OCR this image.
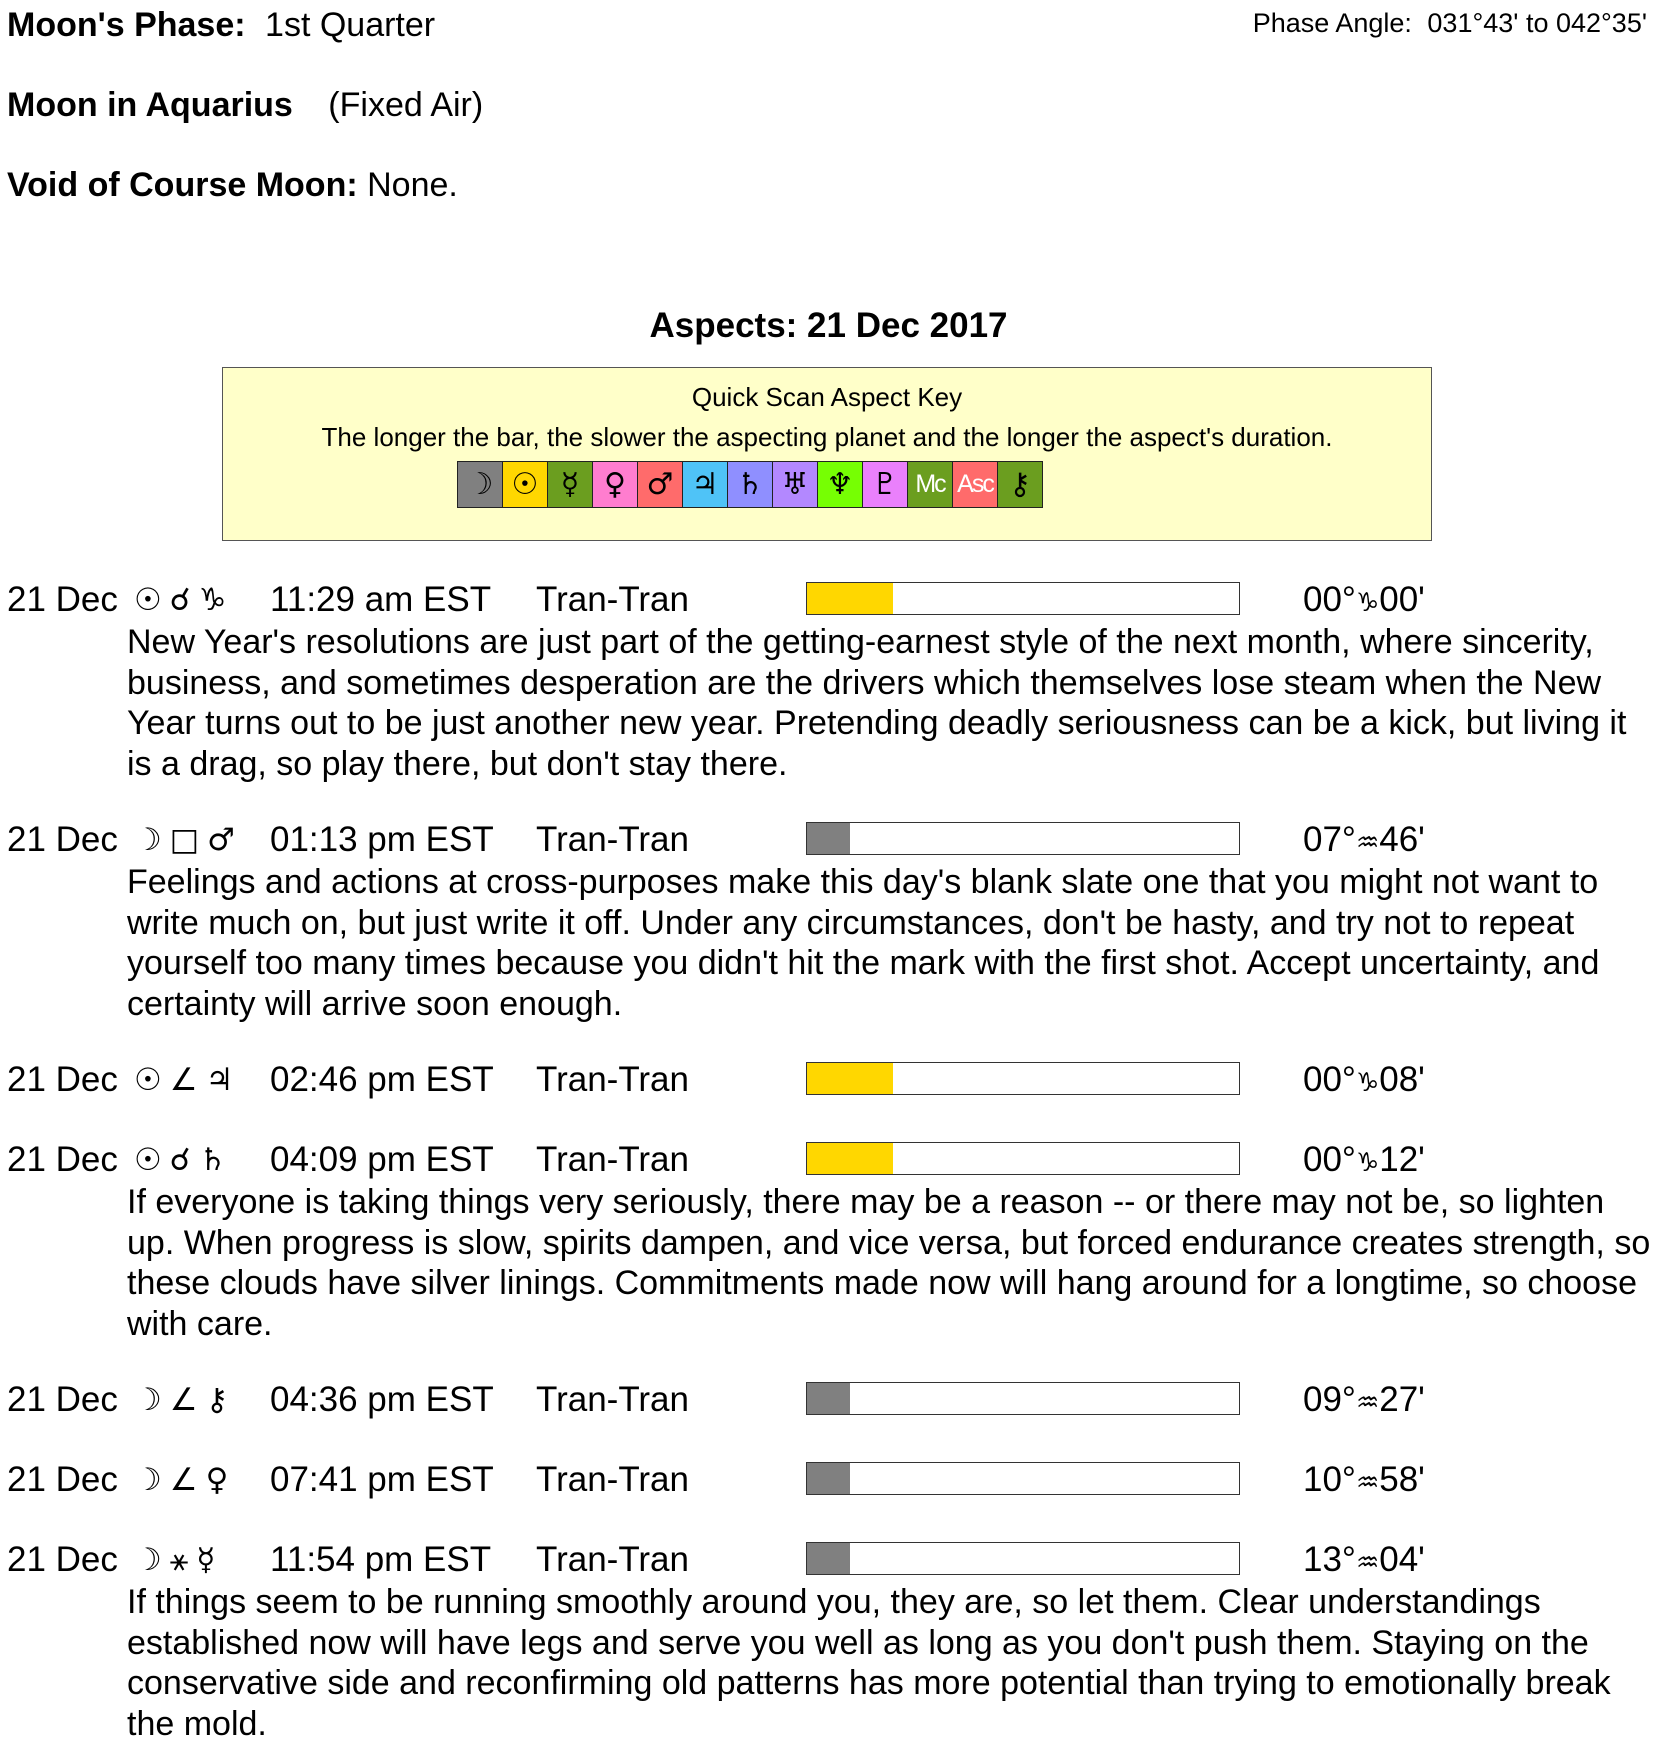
Moon's Phase: 1st Quarter	Phase Angle: 031°43' to 042°35'
Moon in Aquarius (Fixed Air)
Void of Course Moon: None.
Aspects: 21 Dec 2017
Quick Scan Aspect Key
The longer the bar, the slower the aspecting planet and the longer the aspect's duration.
☽ ☉ ☿ ♀ ♂ ♃ ♄ ♅ ♆ ♇ Mc Asc ⚷
21 Dec ☉☌♑ 11:29 am EST Tran-Tran	00°♑00'
New Year's resolutions are just part of the getting-earnest style of the next month, where sincerity, business, and sometimes desperation are the drivers which themselves lose steam when the New Year turns out to be just another new year. Pretending deadly seriousness can be a kick, but living it is a drag, so play there, but don't stay there.
21 Dec ☽□♂ 01:13 pm EST Tran-Tran	07°♒46'
Feelings and actions at cross-purposes make this day's blank slate one that you might not want to write much on, but just write it off. Under any circumstances, don't be hasty, and try not to repeat yourself too many times because you didn't hit the mark with the first shot. Accept uncertainty, and certainty will arrive soon enough.
21 Dec ☉∠♃ 02:46 pm EST Tran-Tran	00°♑08'
21 Dec ☉☌♄ 04:09 pm EST Tran-Tran	00°♑12'
If everyone is taking things very seriously, there may be a reason -- or there may not be, so lighten up. When progress is slow, spirits dampen, and vice versa, but forced endurance creates strength, so these clouds have silver linings. Commitments made now will hang around for a longtime, so choose with care.
21 Dec ☽∠⚷ 04:36 pm EST Tran-Tran	09°♒27'
21 Dec ☽∠♀ 07:41 pm EST Tran-Tran	10°♒58'
21 Dec ☽⚹☿ 11:54 pm EST Tran-Tran	13°♒04'
If things seem to be running smoothly around you, they are, so let them. Clear understandings established now will have legs and serve you well as long as you don't push them. Staying on the conservative side and reconfirming old patterns has more potential than trying to emotionally break the mold.
